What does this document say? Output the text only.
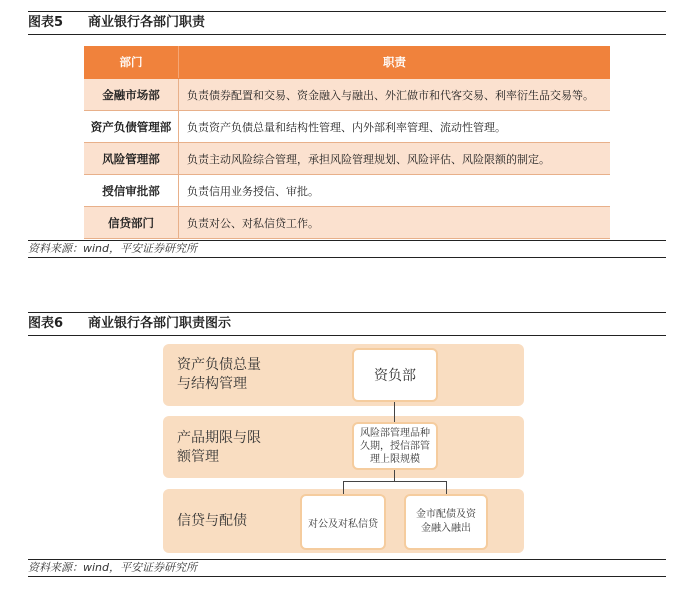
图表5 商业银行各部门职责
部门	职责
金融市场部	负责债券配置和交易、资金融入与融出、外汇做市和代客交易、利率衍生品交易等。
资产负债管理部	负责资产负债总量和结构性管理、内外部利率管理、流动性管理。
风险管理部	负责主动风险综合管理，承担风险管理规划、风险评估、风险限额的制定。
授信审批部	负责信用业务授信、审批。
信贷部门	负责对公、对私信贷工作。
资料来源：wind，平安证券研究所
图表6 商业银行各部门职责图示
资产负债总量
与结构管理
产品期限与限
额管理
信贷与配债
资负部
风险部管理品种久期，授信部管理上限规模
对公及对私信贷
金市配债及资金融入融出
资料来源：wind，平安证券研究所
